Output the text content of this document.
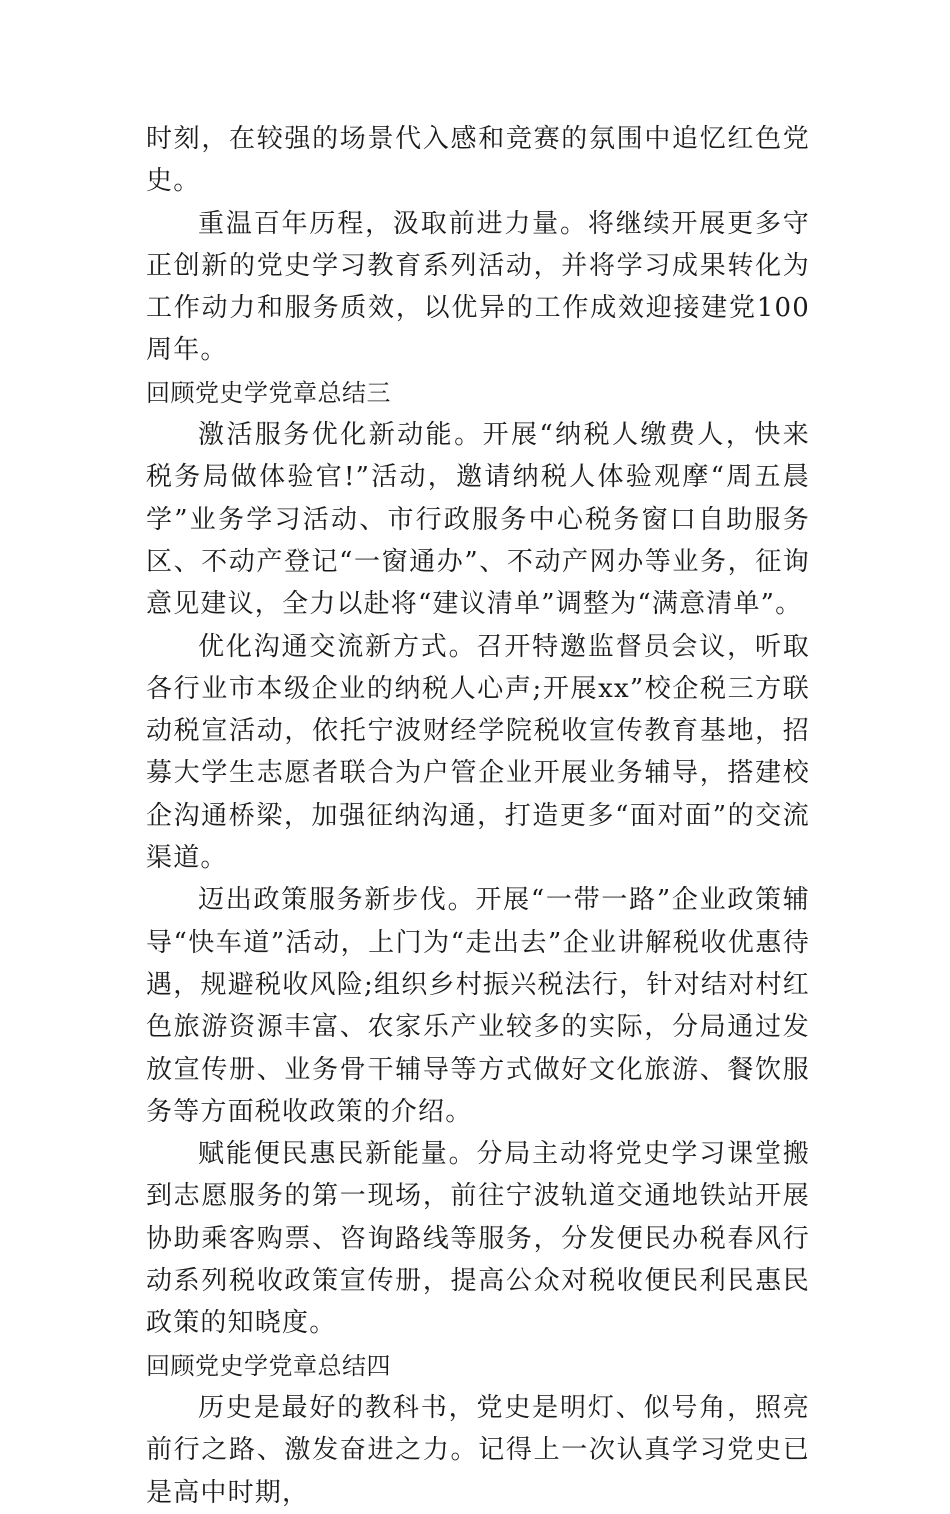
时刻，在较强的场景代入感和竞赛的氛围中追忆红色党史。

重温百年历程，汲取前进力量。将继续开展更多守正创新的党史学习教育系列活动，并将学习成果转化为工作动力和服务质效，以优异的工作成效迎接建党100周年。

回顾党史学党章总结三

激活服务优化新动能。开展“纳税人缴费人，快来税务局做体验官!”活动，邀请纳税人体验观摩“周五晨学”业务学习活动、市行政服务中心税务窗口自助服务区、不动产登记“一窗通办”、不动产网办等业务，征询意见建议，全力以赴将“建议清单”调整为“满意清单”。

优化沟通交流新方式。召开特邀监督员会议，听取各行业市本级企业的纳税人心声;开展xx”校企税三方联动税宣活动，依托宁波财经学院税收宣传教育基地，招募大学生志愿者联合为户管企业开展业务辅导，搭建校企沟通桥梁，加强征纳沟通，打造更多“面对面”的交流渠道。

迈出政策服务新步伐。开展“一带一路”企业政策辅导“快车道”活动，上门为“走出去”企业讲解税收优惠待遇，规避税收风险;组织乡村振兴税法行，针对结对村红色旅游资源丰富、农家乐产业较多的实际，分局通过发放宣传册、业务骨干辅导等方式做好文化旅游、餐饮服务等方面税收政策的介绍。

赋能便民惠民新能量。分局主动将党史学习课堂搬到志愿服务的第一现场，前往宁波轨道交通地铁站开展协助乘客购票、咨询路线等服务，分发便民办税春风行动系列税收政策宣传册，提高公众对税收便民利民惠民政策的知晓度。

回顾党史学党章总结四

历史是最好的教科书，党史是明灯、似号角，照亮前行之路、激发奋进之力。记得上一次认真学习党史已是高中时期，
